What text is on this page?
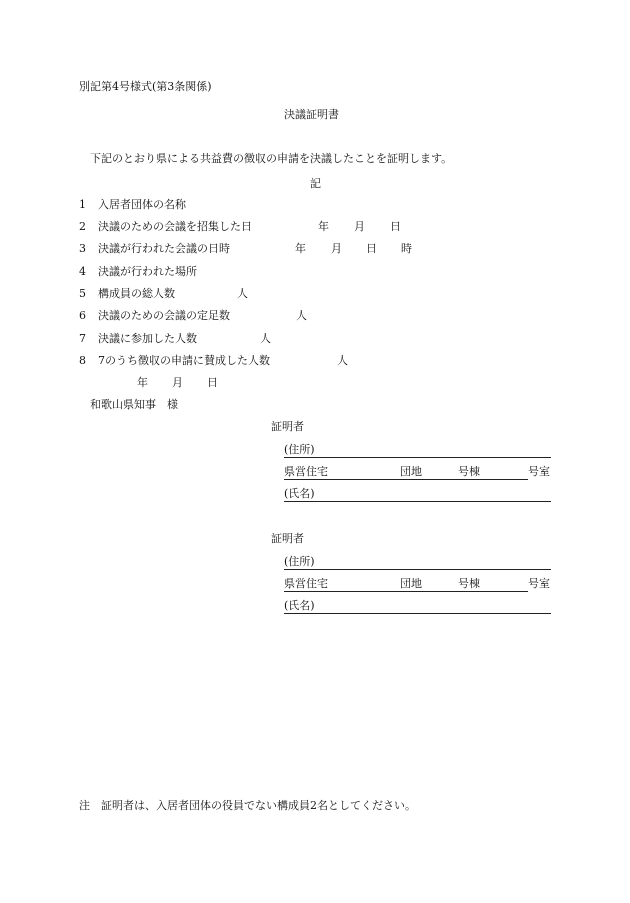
別記第4号様式(第3条関係)
決議証明書
下記のとおり県による共益費の徴収の申請を決議したことを証明します。
記
1 入居者団体の名称
2 決議のための会議を招集した日	年 月 日
3 決議が行われた会議の日時	年 月 日 時
4 決議が行われた場所
5 構成員の総人数	人
6 決議のための会議の定足数	人
7 決議に参加した人数	人
8 7のうち徴収の申請に賛成した人数	人
年 月 日
和歌山県知事　様
証明者
(住所)
県営住宅	団地	号棟	号室
(氏名)
証明者
(住所)
県営住宅	団地	号棟	号室
(氏名)
注　証明者は、入居者団体の役員でない構成員2名としてください。
